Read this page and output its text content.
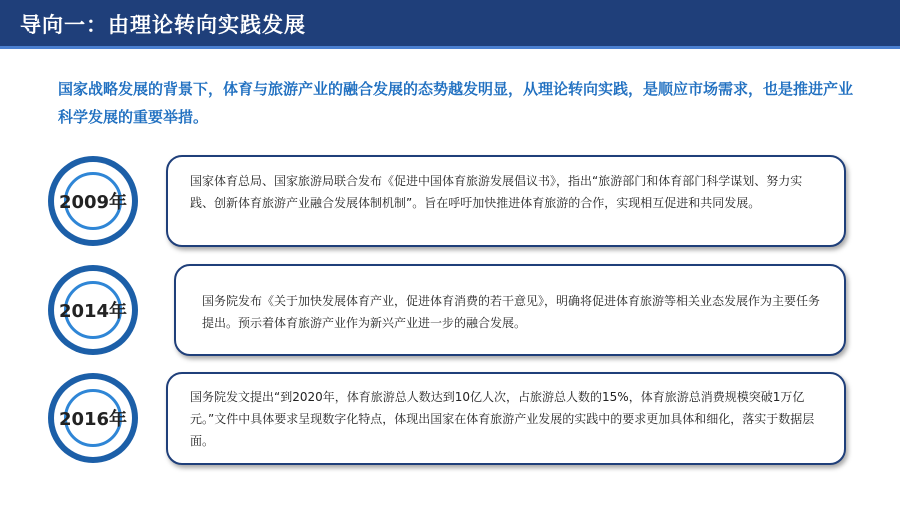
导向一：由理论转向实践发展
国家战略发展的背景下，体育与旅游产业的融合发展的态势越发明显，从理论转向实践，是顺应市场需求，也是推进产业科学发展的重要举措。
国家体育总局、国家旅游局联合发布《促进中国体育旅游发展倡议书》，指出“旅游部门和体育部门科学谋划、努力实践、创新体育旅游产业融合发展体制机制”。旨在呼吁加快推进体育旅游的合作，实现相互促进和共同发展。
2009年
国务院发布《关于加快发展体育产业，促进体育消费的若干意见》，明确将促进体育旅游等相关业态发展作为主要任务提出。预示着体育旅游产业作为新兴产业进一步的融合发展。
2014年
国务院发文提出“到2020年，体育旅游总人数达到10亿人次，占旅游总人数的15%，体育旅游总消费规模突破1万亿元。”文件中具体要求呈现数字化特点，体现出国家在体育旅游产业发展的实践中的要求更加具体和细化，落实于数据层面。
2016年
